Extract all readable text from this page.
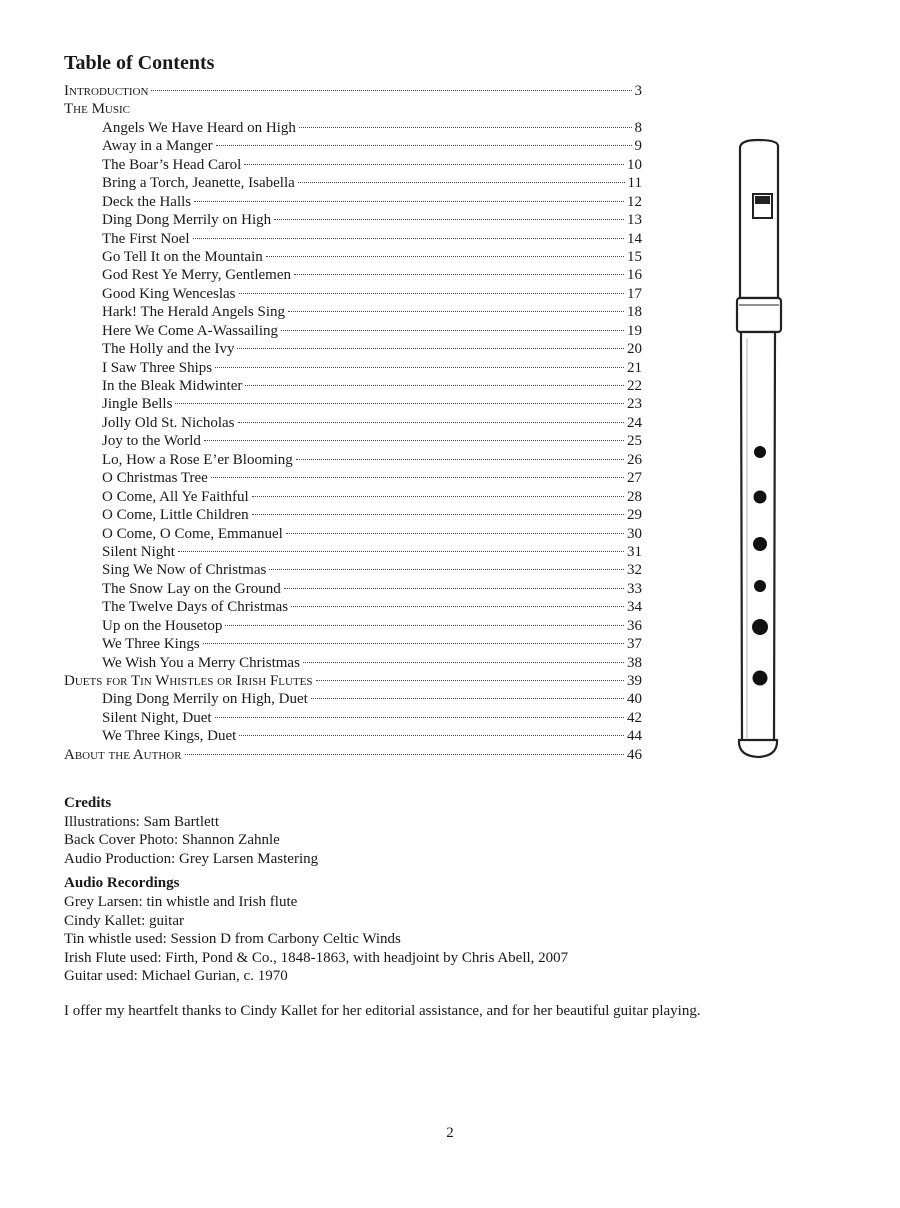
Table of Contents
Introduction	3
The Music
Angels We Have Heard on High	8
Away in a Manger	9
The Boar’s Head Carol	10
Bring a Torch, Jeanette, Isabella	11
Deck the Halls	12
Ding Dong Merrily on High	13
The First Noel	14
Go Tell It on the Mountain	15
God Rest Ye Merry, Gentlemen	16
Good King Wenceslas	17
Hark! The Herald Angels Sing	18
Here We Come A-Wassailing	19
The Holly and the Ivy	20
I Saw Three Ships	21
In the Bleak Midwinter	22
Jingle Bells	23
Jolly Old St. Nicholas	24
Joy to the World	25
Lo, How a Rose E’er Blooming	26
O Christmas Tree	27
O Come, All Ye Faithful	28
O Come, Little Children	29
O Come, O Come, Emmanuel	30
Silent Night	31
Sing We Now of Christmas	32
The Snow Lay on the Ground	33
The Twelve Days of Christmas	34
Up on the Housetop	36
We Three Kings	37
We Wish You a Merry Christmas	38
Duets for Tin Whistles or Irish Flutes	39
Ding Dong Merrily on High, Duet	40
Silent Night, Duet	42
We Three Kings, Duet	44
About the Author	46
Credits

Illustrations: Sam Bartlett

Back Cover Photo: Shannon Zahnle

Audio Production: Grey Larsen Mastering

Audio Recordings

Grey Larsen: tin whistle and Irish flute

Cindy Kallet: guitar

Tin whistle used: Session D from Carbony Celtic Winds

Irish Flute used: Firth, Pond & Co., 1848-1863, with headjoint by Chris Abell, 2007

Guitar used: Michael Gurian, c. 1970

I offer my heartfelt thanks to Cindy Kallet for her editorial assistance, and for her beautiful guitar playing.

2
